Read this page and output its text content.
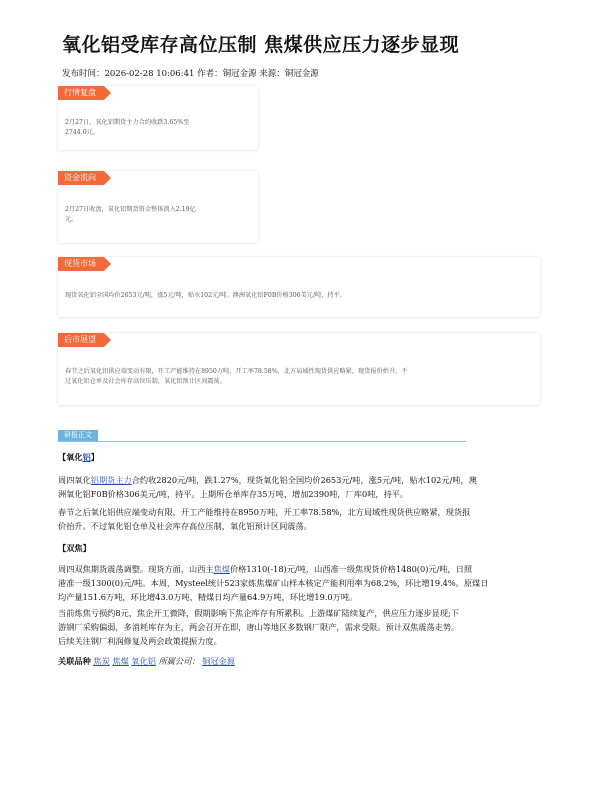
氧化铝受库存高位压制 焦煤供应压力逐步显现
发布时间：2026-02-28 10:06:41 作者：铜冠金源 来源：铜冠金源
行情复盘
2月27日，氧化铝期货主力合约收跌3.65%至
2744.0元。
资金流向
2月27日收盘，氧化铝期货资金整体流入2.19亿
元。
现货市场
现货氧化铝全国均价2653元/吨，涨5元/吨，贴水102元/吨。澳洲氧化铝F0B价格306美元/吨，持平。
后市展望
春节之后氧化铝供应端变动有限，开工产能维持在8950万吨，开工率78.58%，北方局域性现货供应略紧，现货报价抬升。不
过氧化铝仓单及社会库存高位压制，氧化铝预计区间震荡。
研报正文
【氧化铝】
周四氧化铝期货主力合约收2820元/吨，跌1.27%，现货氧化铝全国均价2653元/吨，涨5元/吨，贴水102元/吨，澳
洲氧化铝F0B价格306美元/吨，持平。上期所仓单库存35万吨，增加2390吨，厂库0吨，持平。
春节之后氧化铝供应端变动有限，开工产能维持在8950万吨，开工率78.58%，北方局域性现货供应略紧，现货报
价抬升。不过氧化铝仓单及社会库存高位压制，氧化铝预计区间震荡。
【双焦】
周四双焦期货震荡调整。现货方面，山西主焦煤价格1310(-18)元/吨，山西准一级焦现货价格1480(0)元/吨，日照
港准一级1300(0)元/吨。本周，Mysteel统计523家炼焦煤矿山样本核定产能利用率为68.2%，环比增19.4%。原煤日
均产量151.6万吨，环比增43.0万吨，精煤日均产量64.9万吨，环比增19.0万吨。
当前炼焦亏损约8元，焦企开工微降，假期影响下焦企库存有所累积。上游煤矿陆续复产，供应压力逐步显现;下
游钢厂采购偏弱，多消耗库存为主，两会召开在即，唐山等地区多数钢厂限产，需求受限。预计双焦震荡走势。
后续关注钢厂利润修复及两会政策提振力度。
关联品种 焦炭 焦煤 氧化铝 所属公司： 铜冠金源
